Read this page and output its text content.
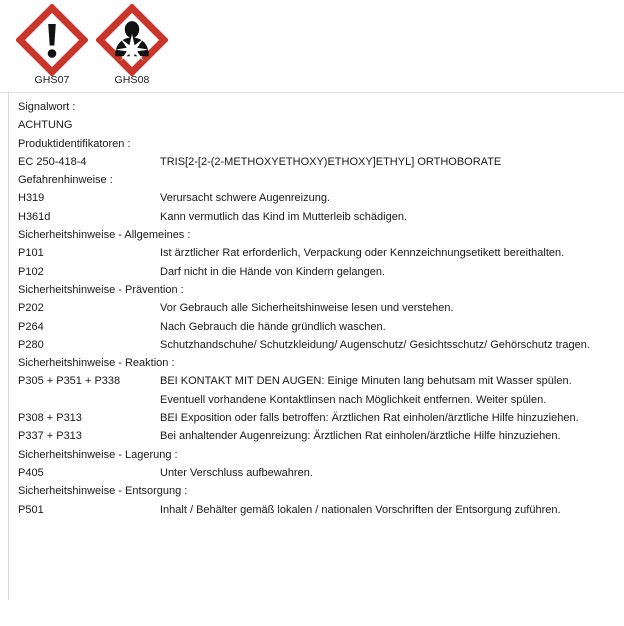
GHS07	GHS08
Signalwort :
ACHTUNG
Produktidentifikatoren :
EC 250-418-4	TRIS[2-[2-(2-METHOXYETHOXY)ETHOXY]ETHYL] ORTHOBORATE
Gefahrenhinweise :
H319	Verursacht schwere Augenreizung.
H361d	Kann vermutlich das Kind im Mutterleib schädigen.
Sicherheitshinweise - Allgemeines :
P101	Ist ärztlicher Rat erforderlich, Verpackung oder Kennzeichnungsetikett bereithalten.
P102	Darf nicht in die Hände von Kindern gelangen.
Sicherheitshinweise - Prävention :
P202	Vor Gebrauch alle Sicherheitshinweise lesen und verstehen.
P264	Nach Gebrauch die hände gründlich waschen.
P280	Schutzhandschuhe/ Schutzkleidung/ Augenschutz/ Gesichtsschutz/ Gehörschutz tragen.
Sicherheitshinweise - Reaktion :
P305 + P351 + P338	BEI KONTAKT MIT DEN AUGEN: Einige Minuten lang behutsam mit Wasser spülen. Eventuell vorhandene Kontaktlinsen nach Möglichkeit entfernen. Weiter spülen.
P308 + P313	BEI Exposition oder falls betroffen: Ärztlichen Rat einholen/ärztliche Hilfe hinzuziehen.
P337 + P313	Bei anhaltender Augenreizung: Ärztlichen Rat einholen/ärztliche Hilfe hinzuziehen.
Sicherheitshinweise - Lagerung :
P405	Unter Verschluss aufbewahren.
Sicherheitshinweise - Entsorgung :
P501	Inhalt / Behälter gemäß lokalen / nationalen Vorschriften der Entsorgung zuführen.
